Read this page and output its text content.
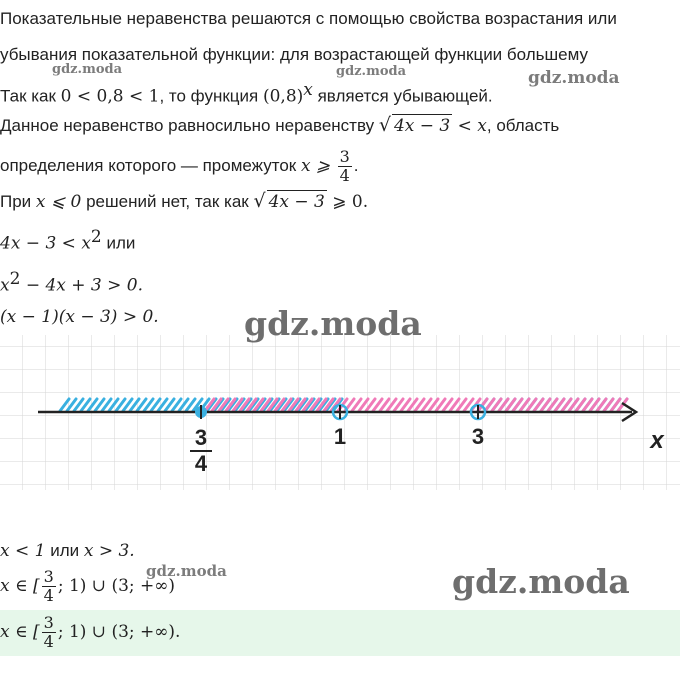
Показательные неравенства решаются с помощью свойства возрастания или
убывания показательной функции: для возрастающей функции большему
Так как 0 < 0,8 < 1, то функция $(0,8)^x$ является убывающей.
Данное неравенство равносильно неравенству √ 4x − 3 < x, область
определения которого — промежуток x ⩾ $\frac{3}{4}$ .
При x ⩽ 0 решений нет, так как √ 4x − 3 ⩾ 0.
$4x - 3 < x^2$ или
$x^2 - 4x + 3 > 0$.
(x − 1)(x − 3) > 0.
3
4
1	3	x
x < 1 или x > 3.
x ∈ [ $\frac{3}{4}$ ; 1) ∪ (3; +∞)
x ∈ [ $\frac{3}{4}$ ; 1) ∪ (3; +∞).
gdz.moda	gdz.moda	gdz.moda
gdz.moda
gdz.moda	gdz.moda
